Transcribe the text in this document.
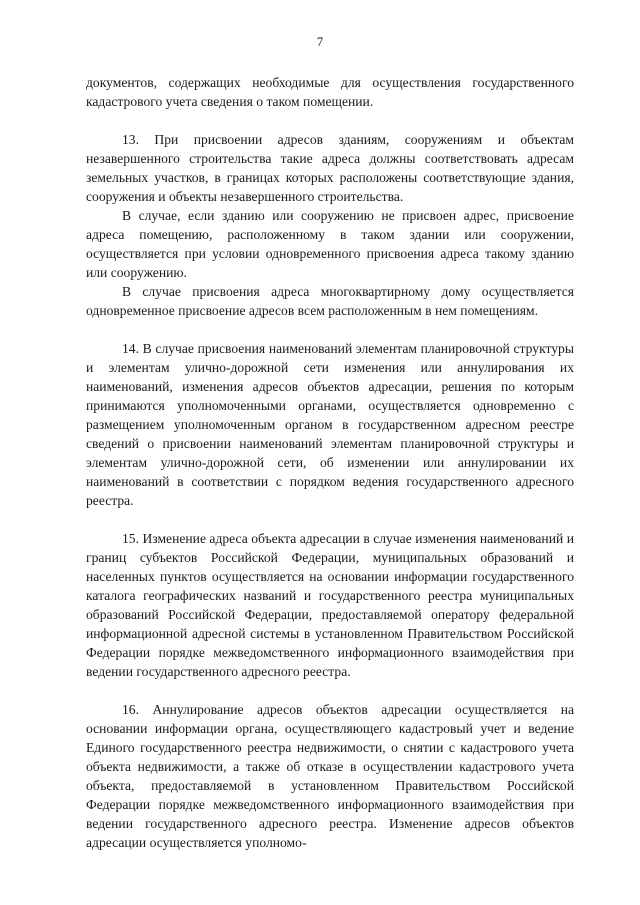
7

документов, содержащих необходимые для осуществления государственного кадастрового учета сведения о таком помещении.

13. При присвоении адресов зданиям, сооружениям и объектам незавершенного строительства такие адреса должны соответствовать адресам земельных участков, в границах которых расположены соответствующие здания, сооружения и объекты незавершенного строительства.

В случае, если зданию или сооружению не присвоен адрес, присвоение адреса помещению, расположенному в таком здании или сооружении, осуществляется при условии одновременного присвоения адреса такому зданию или сооружению.

В случае присвоения адреса многоквартирному дому осуществляется одновременное присвоение адресов всем расположенным в нем помещениям.

14. В случае присвоения наименований элементам планировочной структуры и элементам улично-дорожной сети изменения или аннулирования их наименований, изменения адресов объектов адресации, решения по которым принимаются уполномоченными органами, осуществляется одновременно с размещением уполномоченным органом в государственном адресном реестре сведений о присвоении наименований элементам планировочной структуры и элементам улично-дорожной сети, об изменении или аннулировании их наименований в соответствии с порядком ведения государственного адресного реестра.

15. Изменение адреса объекта адресации в случае изменения наименований и границ субъектов Российской Федерации, муниципальных образований и населенных пунктов осуществляется на основании информации государственного каталога географических названий и государственного реестра муниципальных образований Российской Федерации, предоставляемой оператору федеральной информационной адресной системы в установленном Правительством Российской Федерации порядке межведомственного информационного взаимодействия при ведении государственного адресного реестра.

16. Аннулирование адресов объектов адресации осуществляется на основании информации органа, осуществляющего кадастровый учет и ведение Единого государственного реестра недвижимости, о снятии с кадастрового учета объекта недвижимости, а также об отказе в осуществлении кадастрового учета объекта, предоставляемой в установленном Правительством Российской Федерации порядке межведомственного информационного взаимодействия при ведении государственного адресного реестра. Изменение адресов объектов адресации осуществляется уполномо-
